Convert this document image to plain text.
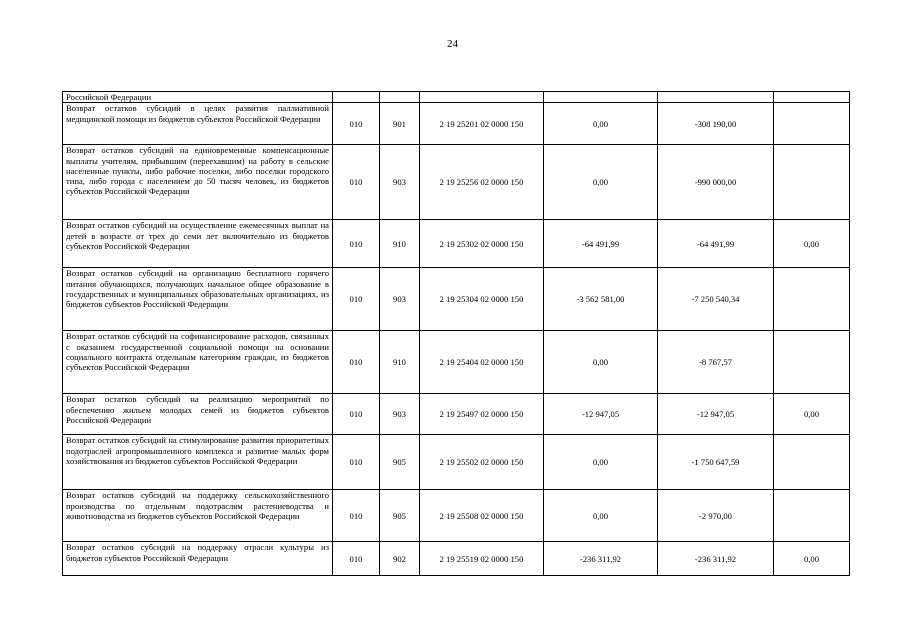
24
Российской Федерации						
Возврат остатков субсидий в целях развития паллиативной медицинской помощи из бюджетов субъектов Российской Федерации	010	901	2 19 25201 02 0000 150	0,00	-308 190,00	
Возврат остатков субсидий на единовременные компенсационные выплаты учителям, прибывшим (переехавшим) на работу в сельские населенные пункты, либо рабочие поселки, либо поселки городского типа, либо города с населением до 50 тысяч человек, из бюджетов субъектов Российской Федерации	010	903	2 19 25256 02 0000 150	0,00	-990 000,00	
Возврат остатков субсидий на осуществление ежемесячных выплат на детей в возрасте от трех до семи лет включительно из бюджетов субъектов Российской Федерации	010	910	2 19 25302 02 0000 150	-64 491,99	-64 491,99	0,00
Возврат остатков субсидий на организацию бесплатного горячего питания обучающихся, получающих начальное общее образование в государственных и муниципальных образовательных организациях, из бюджетов субъектов Российской Федерации	010	903	2 19 25304 02 0000 150	-3 562 581,00	-7 250 540,34	
Возврат остатков субсидий на софинансирование расходов, связанных с оказанием государственной социальной помощи на основании социального контракта отдельным категориям граждан, из бюджетов субъектов Российской Федерации	010	910	2 19 25404 02 0000 150	0,00	-8 767,57	
Возврат остатков субсидий на реализацию мероприятий по обеспечению жильем молодых семей из бюджетов субъектов Российской Федерации	010	903	2 19 25497 02 0000 150	-12 947,05	-12 947,05	0,00
Возврат остатков субсидий на стимулирование развития приоритетных подотраслей агропромышленного комплекса и развитие малых форм хозяйствования из бюджетов субъектов Российской Федерации	010	905	2 19 25502 02 0000 150	0,00	-1 750 647,59	
Возврат остатков субсидий на поддержку сельскохозяйственного производства по отдельным подотраслям растениеводства и животноводства из бюджетов субъектов Российской Федерации	010	905	2 19 25508 02 0000 150	0,00	-2 970,00	
Возврат остатков субсидий на поддержку отрасли культуры из бюджетов субъектов Российской Федерации	010	902	2 19 25519 02 0000 150	-236 311,92	-236 311,92	0,00
